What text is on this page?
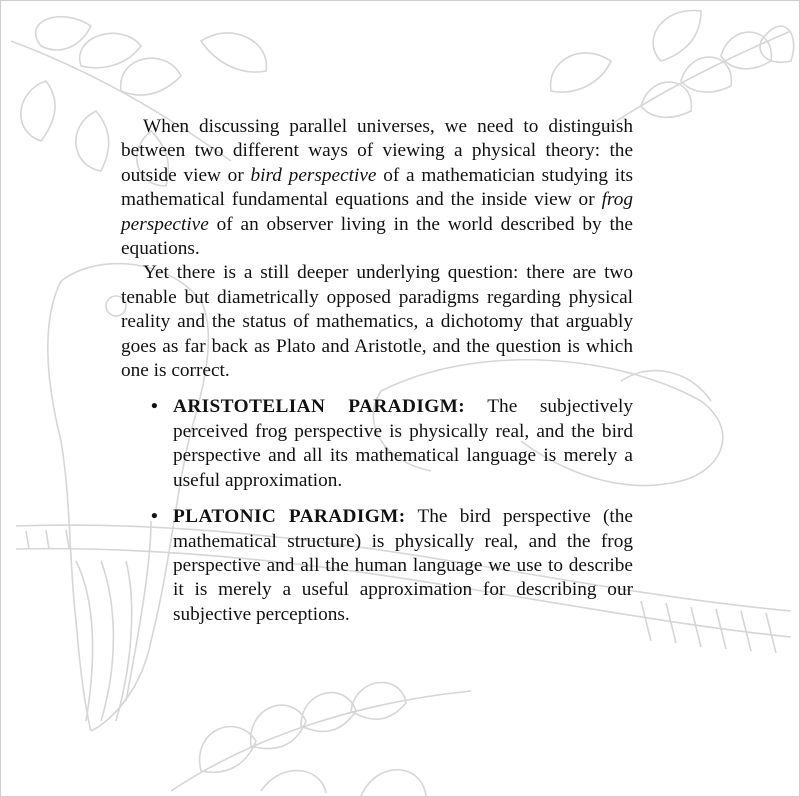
When discussing parallel universes, we need to distinguish between two different ways of viewing a physical theory: the outside view or bird perspective of a mathematician studying its mathematical fundamental equations and the inside view or frog perspective of an observer living in the world described by the equations.

Yet there is a still deeper underlying question: there are two tenable but diametrically opposed paradigms regarding physical reality and the status of mathematics, a dichotomy that arguably goes as far back as Plato and Aristotle, and the question is which one is correct.

• ARISTOTELIAN PARADIGM: The subjectively perceived frog perspective is physically real, and the bird perspective and all its mathematical language is merely a useful approximation.
• PLATONIC PARADIGM: The bird perspective (the mathematical structure) is physically real, and the frog perspective and all the human language we use to describe it is merely a useful approximation for describing our subjective perceptions.
